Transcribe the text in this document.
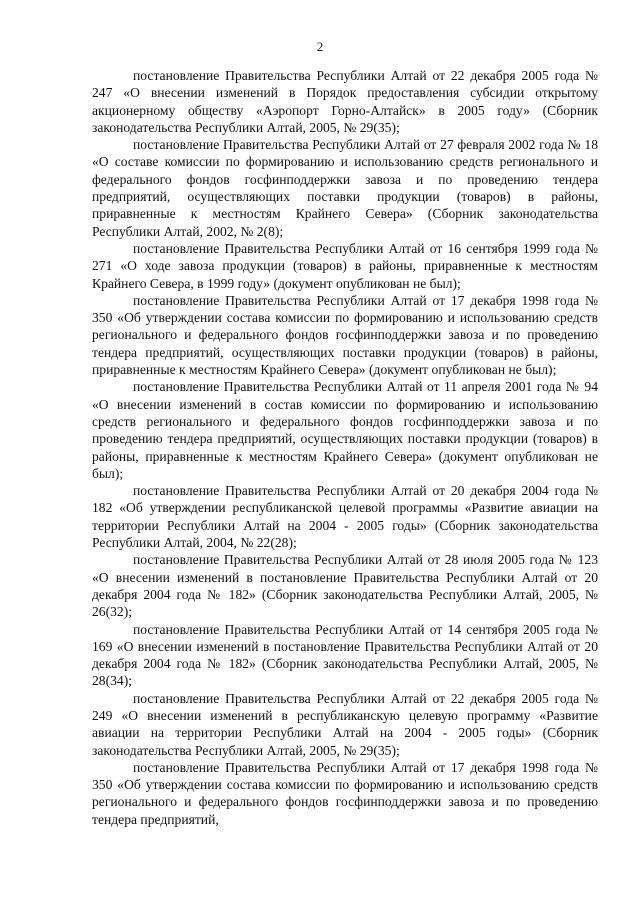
2

постановление Правительства Республики Алтай от 22 декабря 2005 года № 247 «О внесении изменений в Порядок предоставления субсидии открытому акционерному обществу «Аэропорт Горно-Алтайск» в 2005 году» (Сборник законодательства Республики Алтай, 2005, № 29(35);

постановление Правительства Республики Алтай от 27 февраля 2002 года № 18 «О составе комиссии по формированию и использованию средств регионального и федерального фондов госфинподдержки завоза и по проведению тендера предприятий, осуществляющих поставки продукции (товаров) в районы, приравненные к местностям Крайнего Севера» (Сборник законодательства Республики Алтай, 2002, № 2(8);

постановление Правительства Республики Алтай от 16 сентября 1999 года № 271 «О ходе завоза продукции (товаров) в районы, приравненные к местностям Крайнего Севера, в 1999 году» (документ опубликован не был);

постановление Правительства Республики Алтай от 17 декабря 1998 года № 350 «Об утверждении состава комиссии по формированию и использованию средств регионального и федерального фондов госфинподдержки завоза и по проведению тендера предприятий, осуществляющих поставки продукции (товаров) в районы, приравненные к местностям Крайнего Севера» (документ опубликован не был);

постановление Правительства Республики Алтай от 11 апреля 2001 года № 94 «О внесении изменений в состав комиссии по формированию и использованию средств регионального и федерального фондов госфинподдержки завоза и по проведению тендера предприятий, осуществляющих поставки продукции (товаров) в районы, приравненные к местностям Крайнего Севера» (документ опубликован не был);

постановление Правительства Республики Алтай от 20 декабря 2004 года № 182 «Об утверждении республиканской целевой программы «Развитие авиации на территории Республики Алтай на 2004 - 2005 годы» (Сборник законодательства Республики Алтай, 2004, № 22(28);

постановление Правительства Республики Алтай от 28 июля 2005 года № 123 «О внесении изменений в постановление Правительства Республики Алтай от 20 декабря 2004 года № 182» (Сборник законодательства Республики Алтай, 2005, № 26(32);

постановление Правительства Республики Алтай от 14 сентября 2005 года № 169 «О внесении изменений в постановление Правительства Республики Алтай от 20 декабря 2004 года № 182» (Сборник законодательства Республики Алтай, 2005, № 28(34);

постановление Правительства Республики Алтай от 22 декабря 2005 года № 249 «О внесении изменений в республиканскую целевую программу «Развитие авиации на территории Республики Алтай на 2004 - 2005 годы» (Сборник законодательства Республики Алтай, 2005, № 29(35);

постановление Правительства Республики Алтай от 17 декабря 1998 года № 350 «Об утверждении состава комиссии по формированию и использованию средств регионального и федерального фондов госфинподдержки завоза и по проведению тендера предприятий,
